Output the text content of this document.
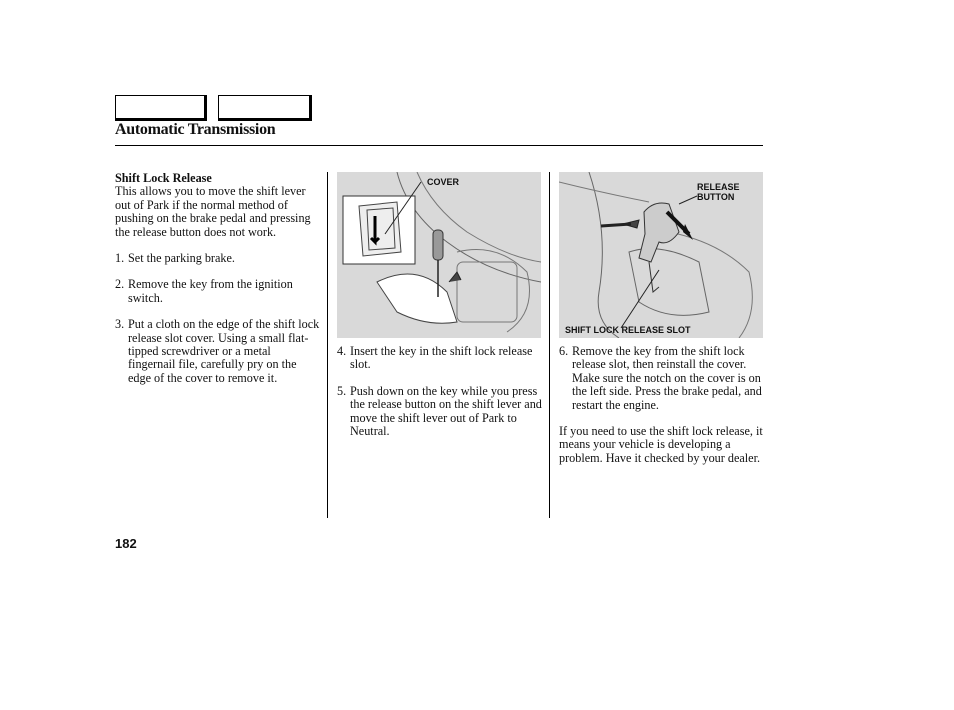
Automatic Transmission

Shift Lock Release

This allows you to move the shift lever out of Park if the normal method of pushing on the brake pedal and pressing the release button does not work.

1. Set the parking brake.

2. Remove the key from the ignition switch.

3. Put a cloth on the edge of the shift lock release slot cover. Using a small flat-tipped screwdriver or a metal fingernail file, carefully pry on the edge of the cover to remove it.
COVER
4. Insert the key in the shift lock release slot.

5. Push down on the key while you press the release button on the shift lever and move the shift lever out of Park to Neutral.
RELEASE
BUTTON
SHIFT LOCK RELEASE SLOT
6. Remove the key from the shift lock release slot, then reinstall the cover. Make sure the notch on the cover is on the left side. Press the brake pedal, and restart the engine.

If you need to use the shift lock release, it means your vehicle is developing a problem. Have it checked by your dealer.

182
